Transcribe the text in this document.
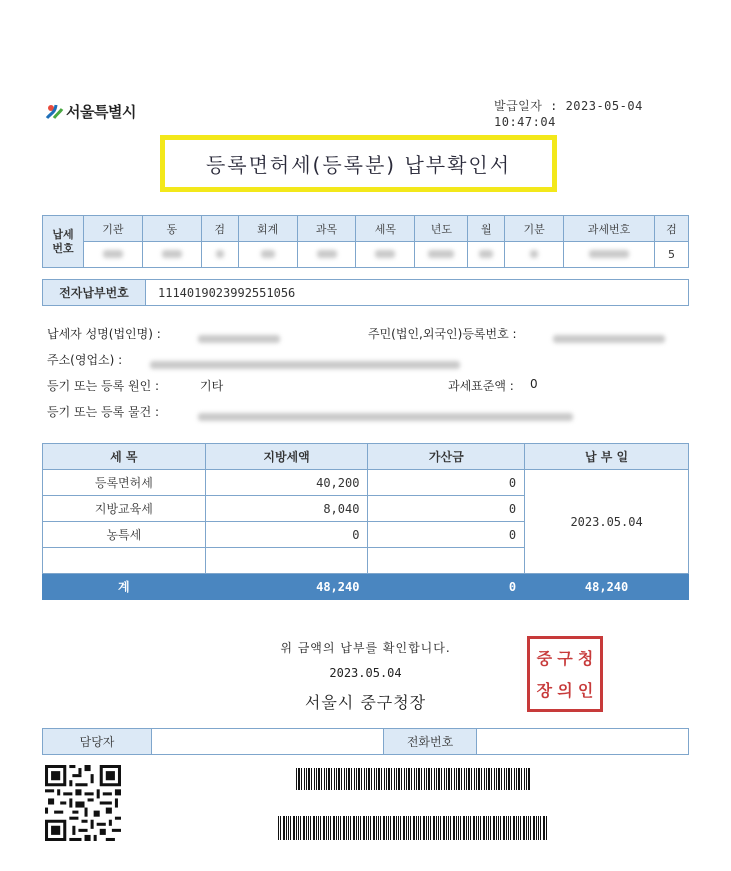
서울특별시	발급일자 : 2023-05-04
10:47:04
등록면허세(등록분) 납부확인서
납세
번호	기관	동	검	회계	과목	세목	년도	월	기분	과세번호	검
											5
전자납부번호	1114019023992551056
납세자 성명(법인명) :	주민(법인,외국인)등록번호 :
주소(영업소) :
등기 또는 등록 원인 :	기타	과세표준액 : 0
등기 또는 등록 물건 :
세 목	지방세액	가산금	납 부 일
등록면허세	40,200	0	2023.05.04
지방교육세	8,040	0	
농특세	0	0	

계	48,240	0	48,240
위 금액의 납부를 확인합니다.
2023.05.04
서울시 중구청장
중 구 청
장 의 인
담당자		전화번호	
